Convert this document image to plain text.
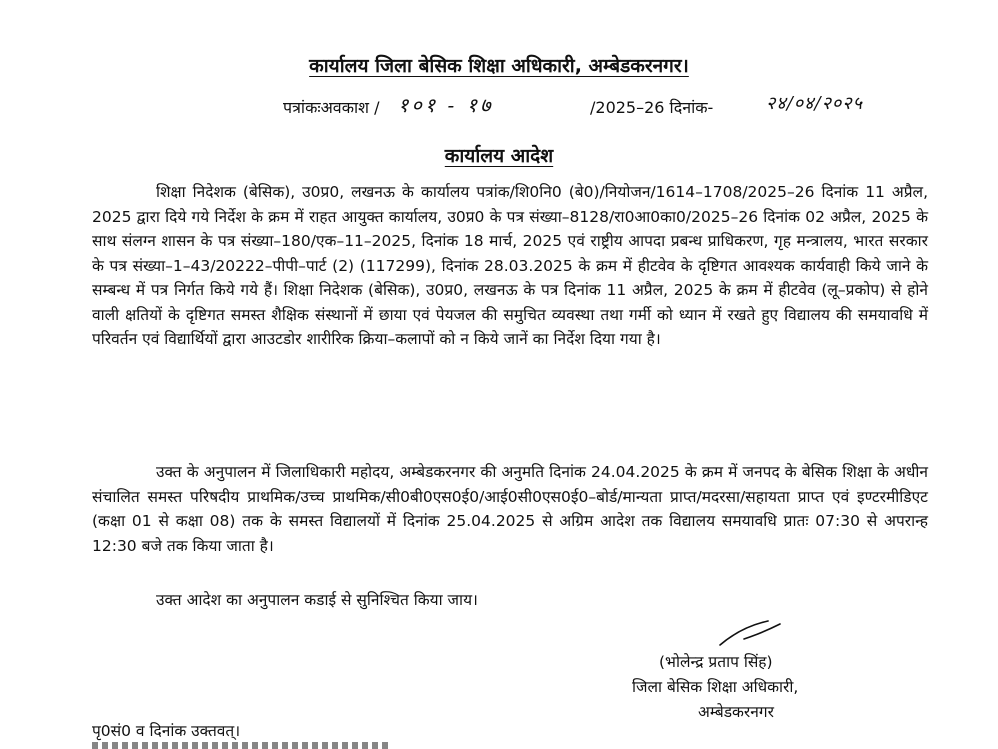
कार्यालय जिला बेसिक शिक्षा अधिकारी, अम्बेडकरनगर।
पत्रांकःअवकाश / १०१ - १७	/2025–26 दिनांक-	२४/०४/२०२५
कार्यालय आदेश

शिक्षा निदेशक (बेसिक), उ0प्र0, लखनऊ के कार्यालय पत्रांक/शि0नि0 (बे0)/नियोजन/1614–1708/2025–26 दिनांक 11 अप्रैल, 2025 द्वारा दिये गये निर्देश के क्रम में राहत आयुक्त कार्यालय, उ0प्र0 के पत्र संख्या–8128/रा0आ0का0/2025–26 दिनांक 02 अप्रैल, 2025 के साथ संलग्न शासन के पत्र संख्या–180/एक–11–2025, दिनांक 18 मार्च, 2025 एवं राष्ट्रीय आपदा प्रबन्ध प्राधिकरण, गृह मन्त्रालय, भारत सरकार के पत्र संख्या–1–43/20222–पीपी–पार्ट (2) (117299), दिनांक 28.03.2025 के क्रम में हीटवेव के दृष्टिगत आवश्यक कार्यवाही किये जाने के सम्बन्ध में पत्र निर्गत किये गये हैं। शिक्षा निदेशक (बेसिक), उ0प्र0, लखनऊ के पत्र दिनांक 11 अप्रैल, 2025 के क्रम में हीटवेव (लू–प्रकोप) से होने वाली क्षतियों के दृष्टिगत समस्त शैक्षिक संस्थानों में छाया एवं पेयजल की समुचित व्यवस्था तथा गर्मी को ध्यान में रखते हुए विद्यालय की समयावधि में परिवर्तन एवं विद्यार्थियों द्वारा आउटडोर शारीरिक क्रिया–कलापों को न किये जानें का निर्देश दिया गया है।

उक्त के अनुपालन में जिलाधिकारी महोदय, अम्बेडकरनगर की अनुमति दिनांक 24.04.2025 के क्रम में जनपद के बेसिक शिक्षा के अधीन संचालित समस्त परिषदीय प्राथमिक/उच्च प्राथमिक/सी0बी0एस0ई0/आई0सी0एस0ई0–बोर्ड/मान्यता प्राप्त/मदरसा/सहायता प्राप्त एवं इण्टरमीडिएट (कक्षा 01 से कक्षा 08) तक के समस्त विद्यालयों में दिनांक 25.04.2025 से अग्रिम आदेश तक विद्यालय समयावधि प्रातः 07:30 से अपरान्ह 12:30 बजे तक किया जाता है।

उक्त आदेश का अनुपालन कडाई से सुनिश्चित किया जाय।

(भोलेन्द्र प्रताप सिंह)
जिला बेसिक शिक्षा अधिकारी,
अम्बेडकरनगर
पृ0सं0 व दिनांक उक्तवत्।
